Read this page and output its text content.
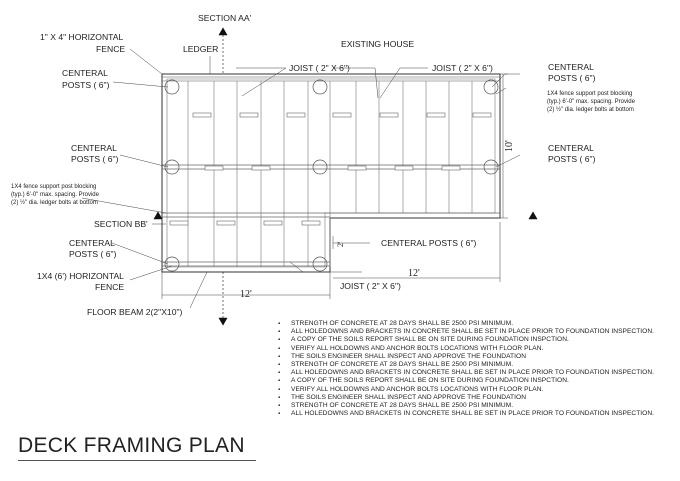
SECTION AA'
1" X 4" HORIZONTAL
FENCE	LEDGER	EXISTING HOUSE
JOIST ( 2" X 6")	JOIST ( 2" X 6")
CENTERAL
POSTS ( 6")
CENTERAL
POSTS ( 6")
CENTERAL
POSTS ( 6")
CENTERAL
POSTS ( 6")
SECTION BB'
CENTERAL
POSTS ( 6")
CENTERAL POSTS ( 6")
1X4 (6') HORIZONTAL
FENCE	JOIST ( 2" X 6")
FLOOR BEAM 2(2"X10")
10'
12'
12'
2'
1X4 fence support post blocking
(typ.) 6'-0" max. spacing. Provide
(2) ½" dia. ledger bolts at bottom
1X4 fence support post blocking
(typ.) 6'-0" max. spacing. Provide
(2) ½" dia. ledger bolts at bottom
▪ STRENGTH OF CONCRETE AT 28 DAYS SHALL BE 2500 PSI MINIMUM.
▪ ALL HOLEDOWNS AND BRACKETS IN CONCRETE SHALL BE SET IN PLACE PRIOR TO FOUNDATION INSPECTION.
▪ A COPY OF THE SOILS REPORT SHALL BE ON SITE DURING FOUNDATION INSPCTION.
▪ VERIFY ALL HOLDOWNS AND ANCHOR BOLTS LOCATIONS WITH FLOOR PLAN.
▪ THE SOILS ENGINEER SHALL INSPECT AND APPROVE THE FOUNDATION
▪ STRENGTH OF CONCRETE AT 28 DAYS SHALL BE 2500 PSI MINIMUM.
▪ ALL HOLEDOWNS AND BRACKETS IN CONCRETE SHALL BE SET IN PLACE PRIOR TO FOUNDATION INSPECTION.
▪ A COPY OF THE SOILS REPORT SHALL BE ON SITE DURING FOUNDATION INSPCTION.
▪ VERIFY ALL HOLDOWNS AND ANCHOR BOLTS LOCATIONS WITH FLOOR PLAN.
▪ THE SOILS ENGINEER SHALL INSPECT AND APPROVE THE FOUNDATION
▪ STRENGTH OF CONCRETE AT 28 DAYS SHALL BE 2500 PSI MINIMUM.
▪ ALL HOLEDOWNS AND BRACKETS IN CONCRETE SHALL BE SET IN PLACE PRIOR TO FOUNDATION INSPECTION.
DECK FRAMING PLAN
